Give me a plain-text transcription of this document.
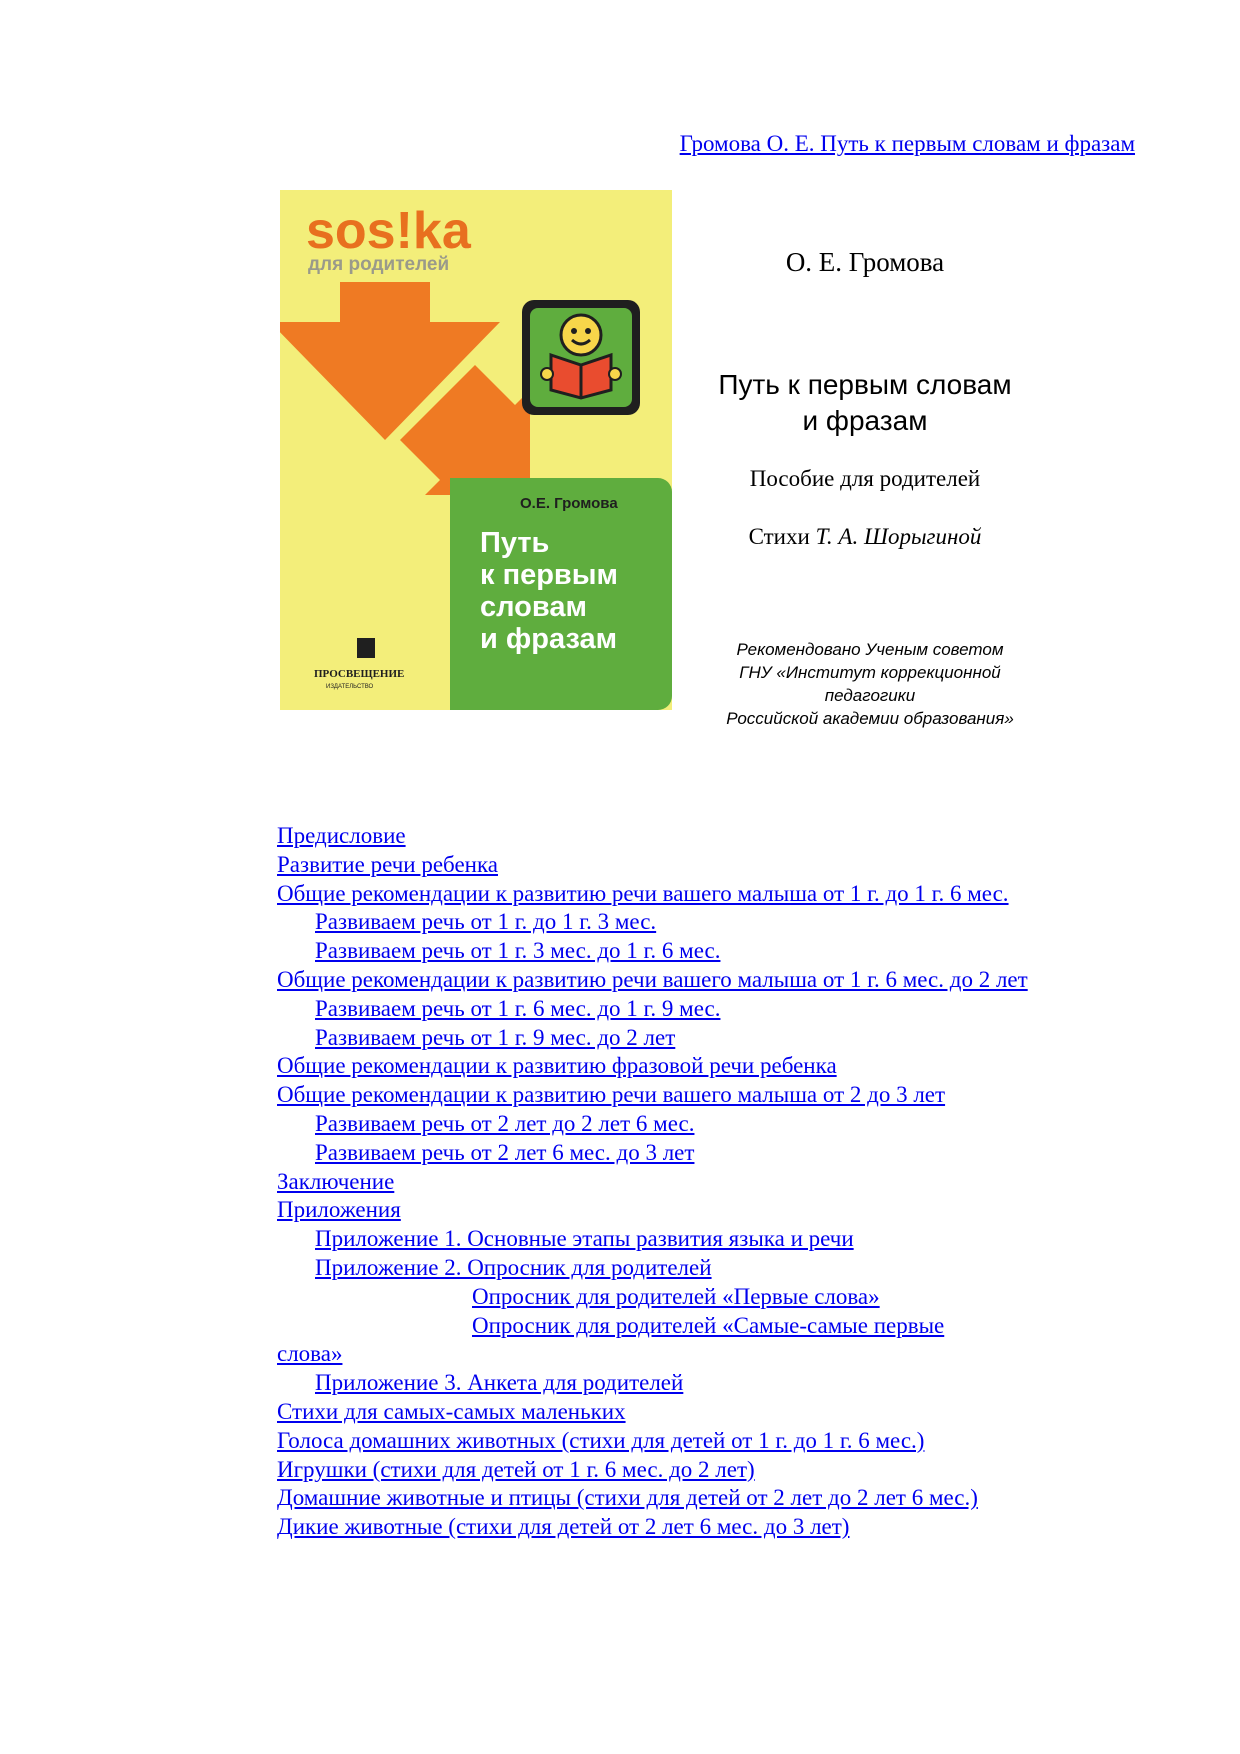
Громова О. Е. Путь к первым словам и фразам
sos!ka
для родителей
О.Е. Громова
Путь
к первым
словам
и фразам
ПРОСВЕЩЕНИЕ
ИЗДАТЕЛЬСТВО
О. Е. Громова
Путь к первым словам
и фразам
Пособие для родителей
Стихи Т. А. Шорыгиной
Рекомендовано Ученым советом
ГНУ «Институт коррекционной
педагогики
Российской академии образования»
Предисловие
Развитие речи ребенка
Общие рекомендации к развитию речи вашего малыша от 1 г. до 1 г. 6 мес.
Развиваем речь от 1 г. до 1 г. 3 мес.
Развиваем речь от 1 г. 3 мес. до 1 г. 6 мес.
Общие рекомендации к развитию речи вашего малыша от 1 г. 6 мес. до 2 лет
Развиваем речь от 1 г. 6 мес. до 1 г. 9 мес.
Развиваем речь от 1 г. 9 мес. до 2 лет
Общие рекомендации к развитию фразовой речи ребенка
Общие рекомендации к развитию речи вашего малыша от 2 до 3 лет
Развиваем речь от 2 лет до 2 лет 6 мес.
Развиваем речь от 2 лет 6 мес. до 3 лет
Заключение
Приложения
Приложение 1. Основные этапы развития языка и речи
Приложение 2. Опросник для родителей
Опросник для родителей «Первые слова»
Опросник для родителей «Самые-самые первые
слова»
Приложение 3. Анкета для родителей
Стихи для самых-самых маленьких
Голоса домашних животных (стихи для детей от 1 г. до 1 г. 6 мес.)
Игрушки (стихи для детей от 1 г. 6 мес. до 2 лет)
Домашние животные и птицы (стихи для детей от 2 лет до 2 лет 6 мес.)
Дикие животные (стихи для детей от 2 лет 6 мес. до 3 лет)
